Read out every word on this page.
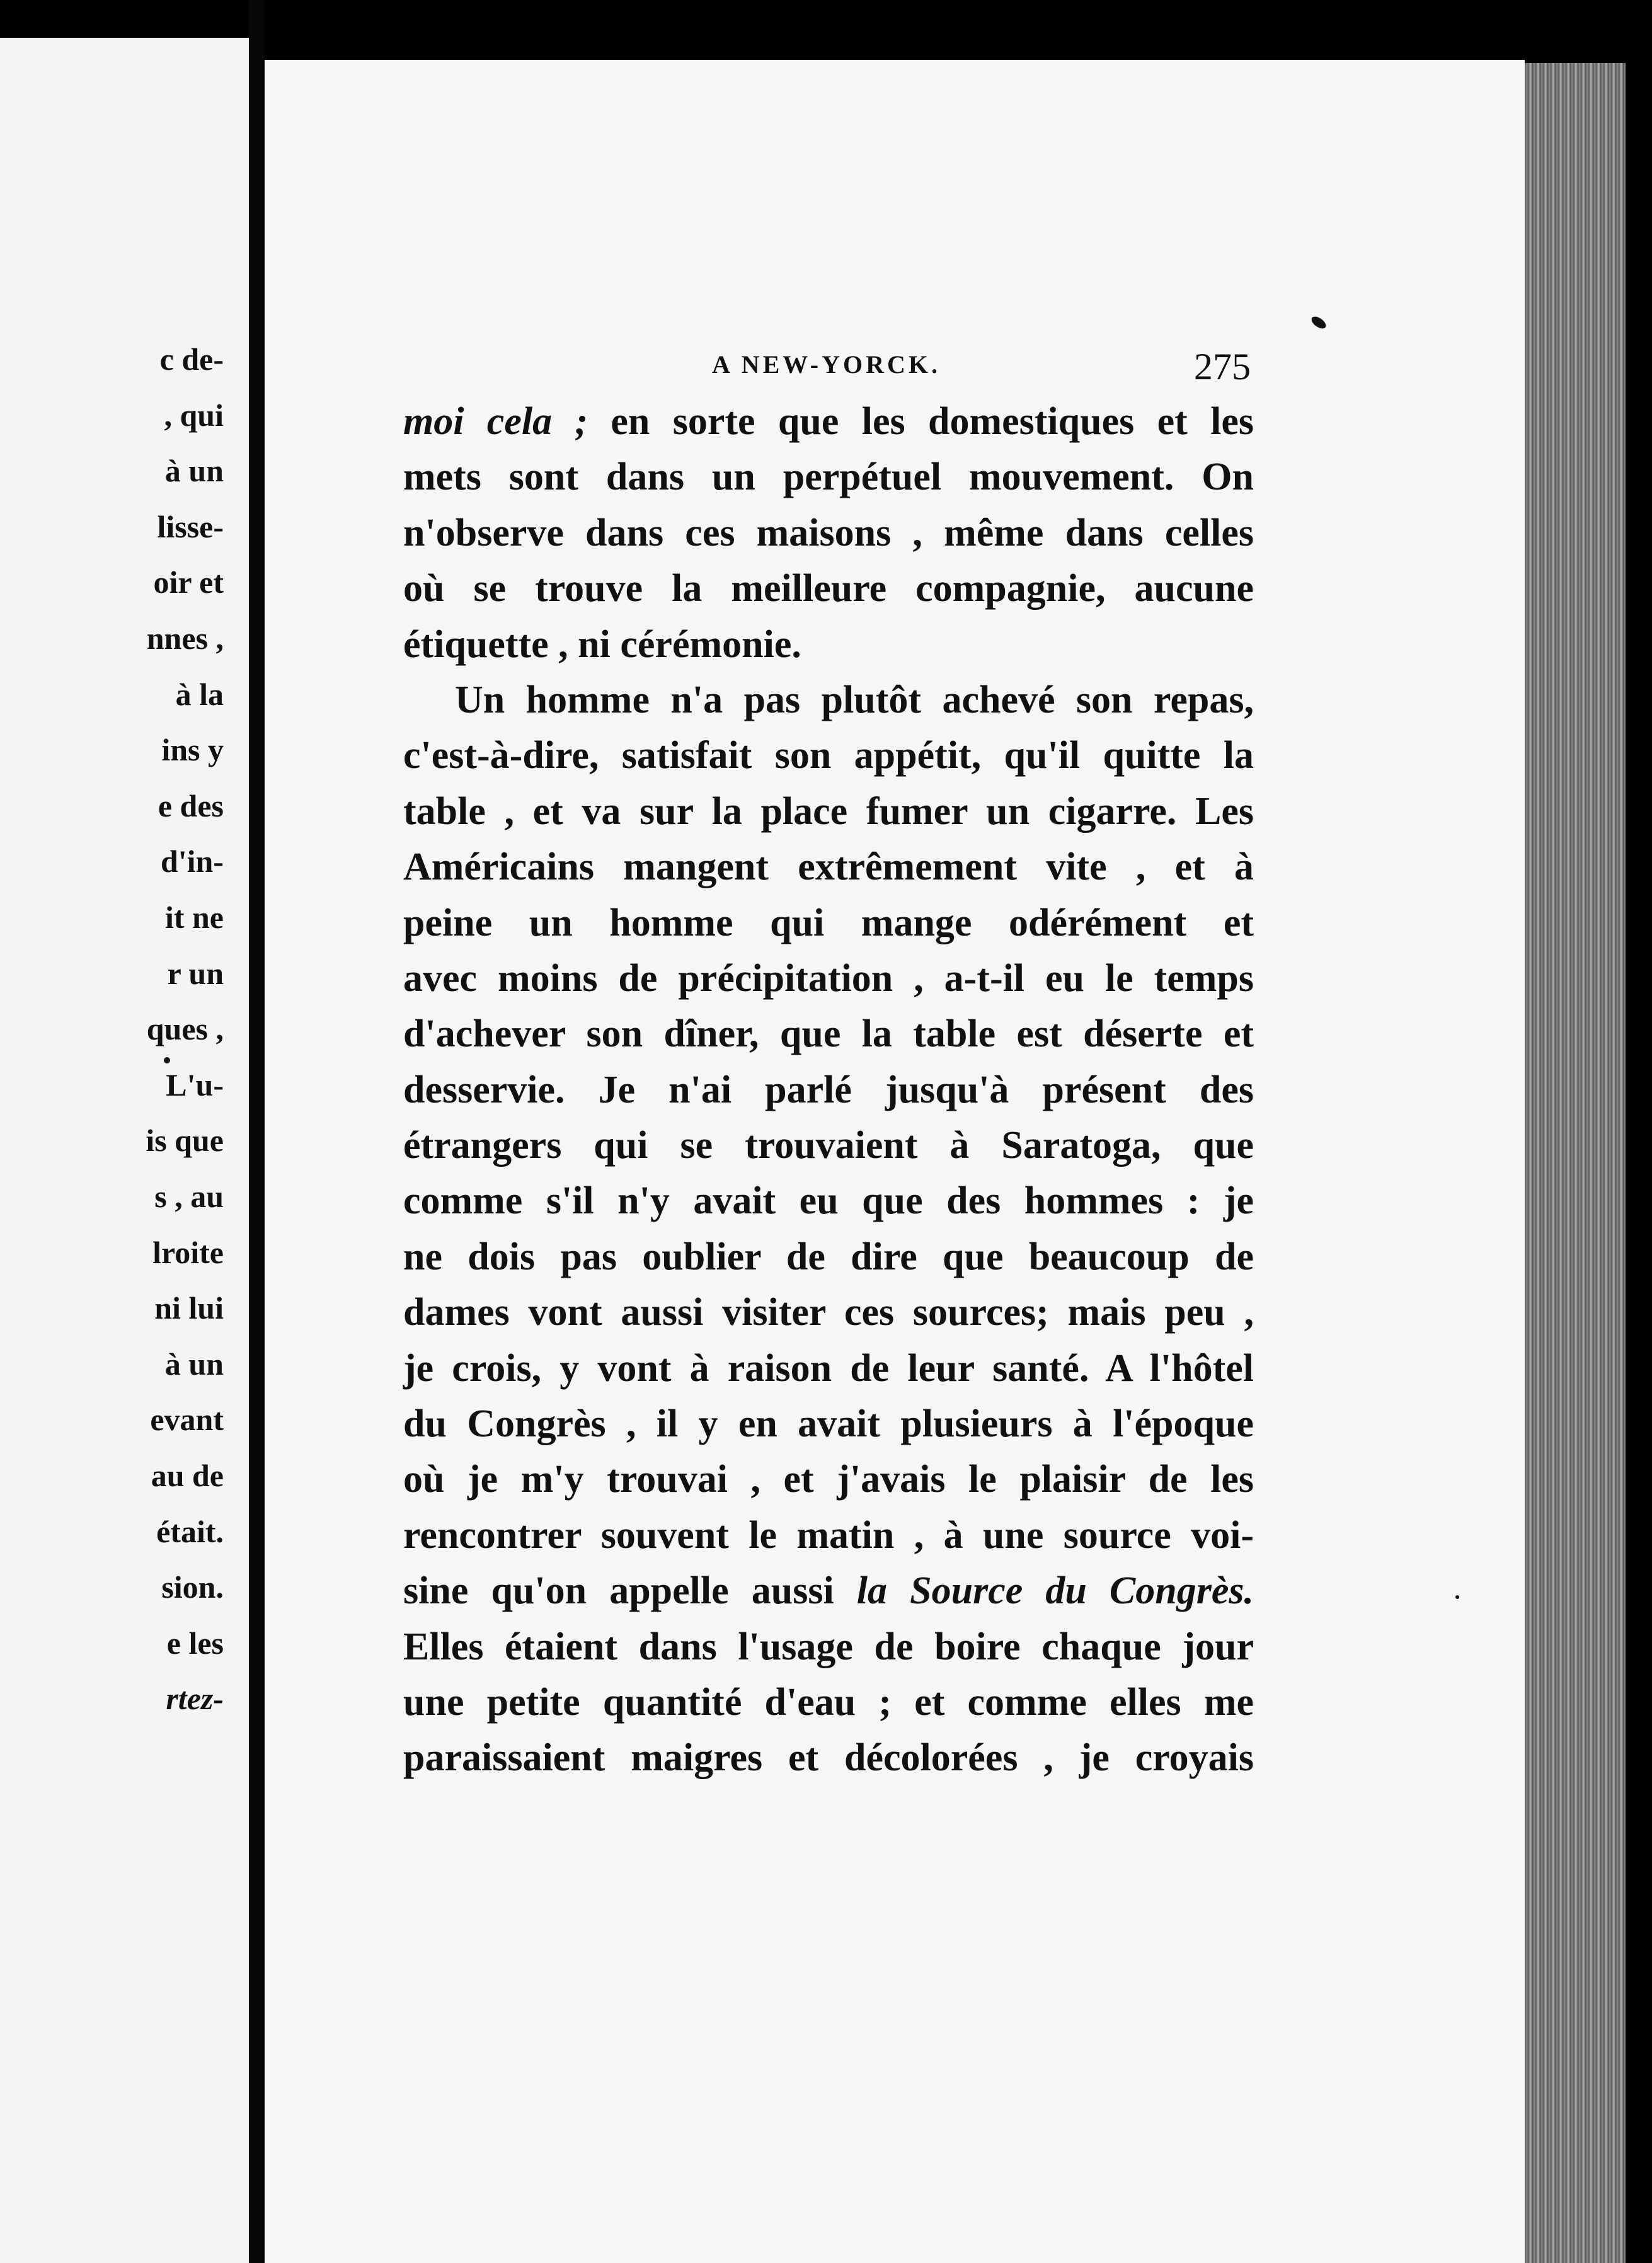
c de-
, qui
à un
lisse-
oir et
nnes ,
à la
ins y
e des
d'in-
it ne
r un
ques ,
L'u-
is que
s , au
lroite
ni lui
à un
evant
au de
était.
sion.
e les
rtez-
A NEW-YORCK.	275
moi cela ; en sorte que les domestiques et les
mets sont dans un perpétuel mouvement. On
n'observe dans ces maisons , même dans celles
où se trouve la meilleure compagnie, aucune
étiquette , ni cérémonie.
Un homme n'a pas plutôt achevé son repas,
c'est-à-dire, satisfait son appétit, qu'il quitte la
table , et va sur la place fumer un cigarre. Les
Américains mangent extrêmement vite , et à
peine un homme qui mange odérément et
avec moins de précipitation , a-t-il eu le temps
d'achever son dîner, que la table est déserte et
desservie. Je n'ai parlé jusqu'à présent des
étrangers qui se trouvaient à Saratoga, que
comme s'il n'y avait eu que des hommes : je
ne dois pas oublier de dire que beaucoup de
dames vont aussi visiter ces sources; mais peu ,
je crois, y vont à raison de leur santé. A l'hôtel
du Congrès , il y en avait plusieurs à l'époque
où je m'y trouvai , et j'avais le plaisir de les
rencontrer souvent le matin , à une source voi-
sine qu'on appelle aussi la Source du Congrès.
Elles étaient dans l'usage de boire chaque jour
une petite quantité d'eau ; et comme elles me
paraissaient maigres et décolorées , je croyais
